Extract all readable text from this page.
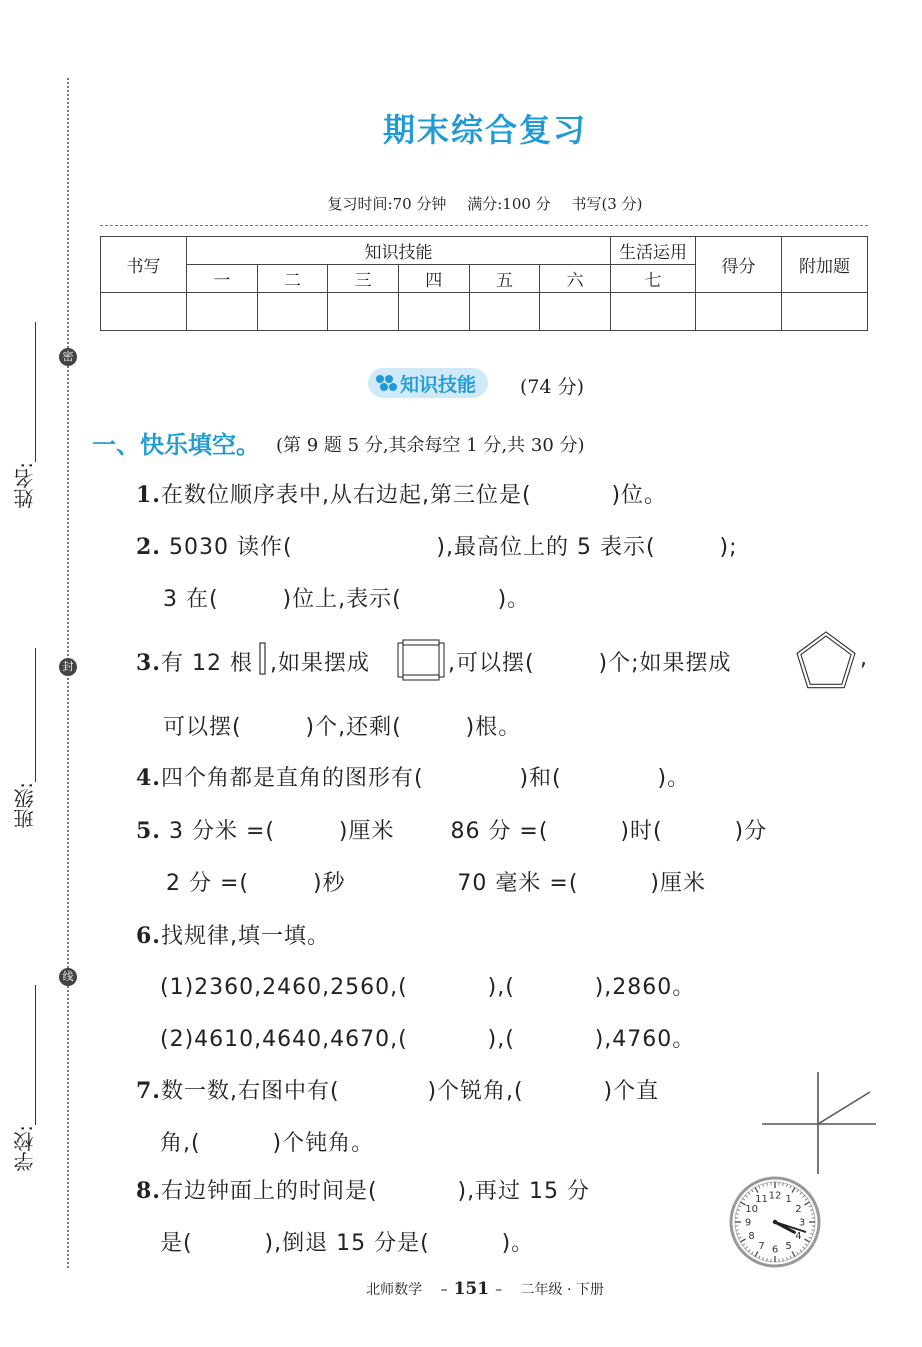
密
封
线
姓名:
班级:
学校:
期末综合复习
复习时间:70 分钟 满分:100 分 书写(3 分)
书写	知识技能						生活运用	得分	附加题
	一	二	三	四	五	六	七		

知识技能 (74 分)
一、快乐填空。 (第 9 题 5 分,其余每空 1 分,共 30 分)
1.在数位顺序表中,从右边起,第三位是(          )位。
2. 5030 读作(                  ),最高位上的 5 表示(        );
3 在(        )位上,表示(            )。
3.有 12 根 ,如果摆成	,可以摆(        )个;如果摆成	,
可以摆(        )个,还剩(        )根。
4.四个角都是直角的图形有(            )和(            )。
5. 3 分米 =(        )厘米       86 分 =(         )时(         )分
2 分 =(        )秒              70 毫米 =(         )厘米
6.找规律,填一填。
(1)2360,2460,2560,(          ),(          ),2860。
(2)4610,4640,4670,(          ),(          ),4760。
7.数一数,右图中有(           )个锐角,(          )个直
角,(         )个钝角。
8.右边钟面上的时间是(          ),再过 15 分
是(         ),倒退 15 分是(         )。
12 1
2
3
4
5
6
7
8
9
10
11
北师数学 – 151 – 二年级 · 下册
